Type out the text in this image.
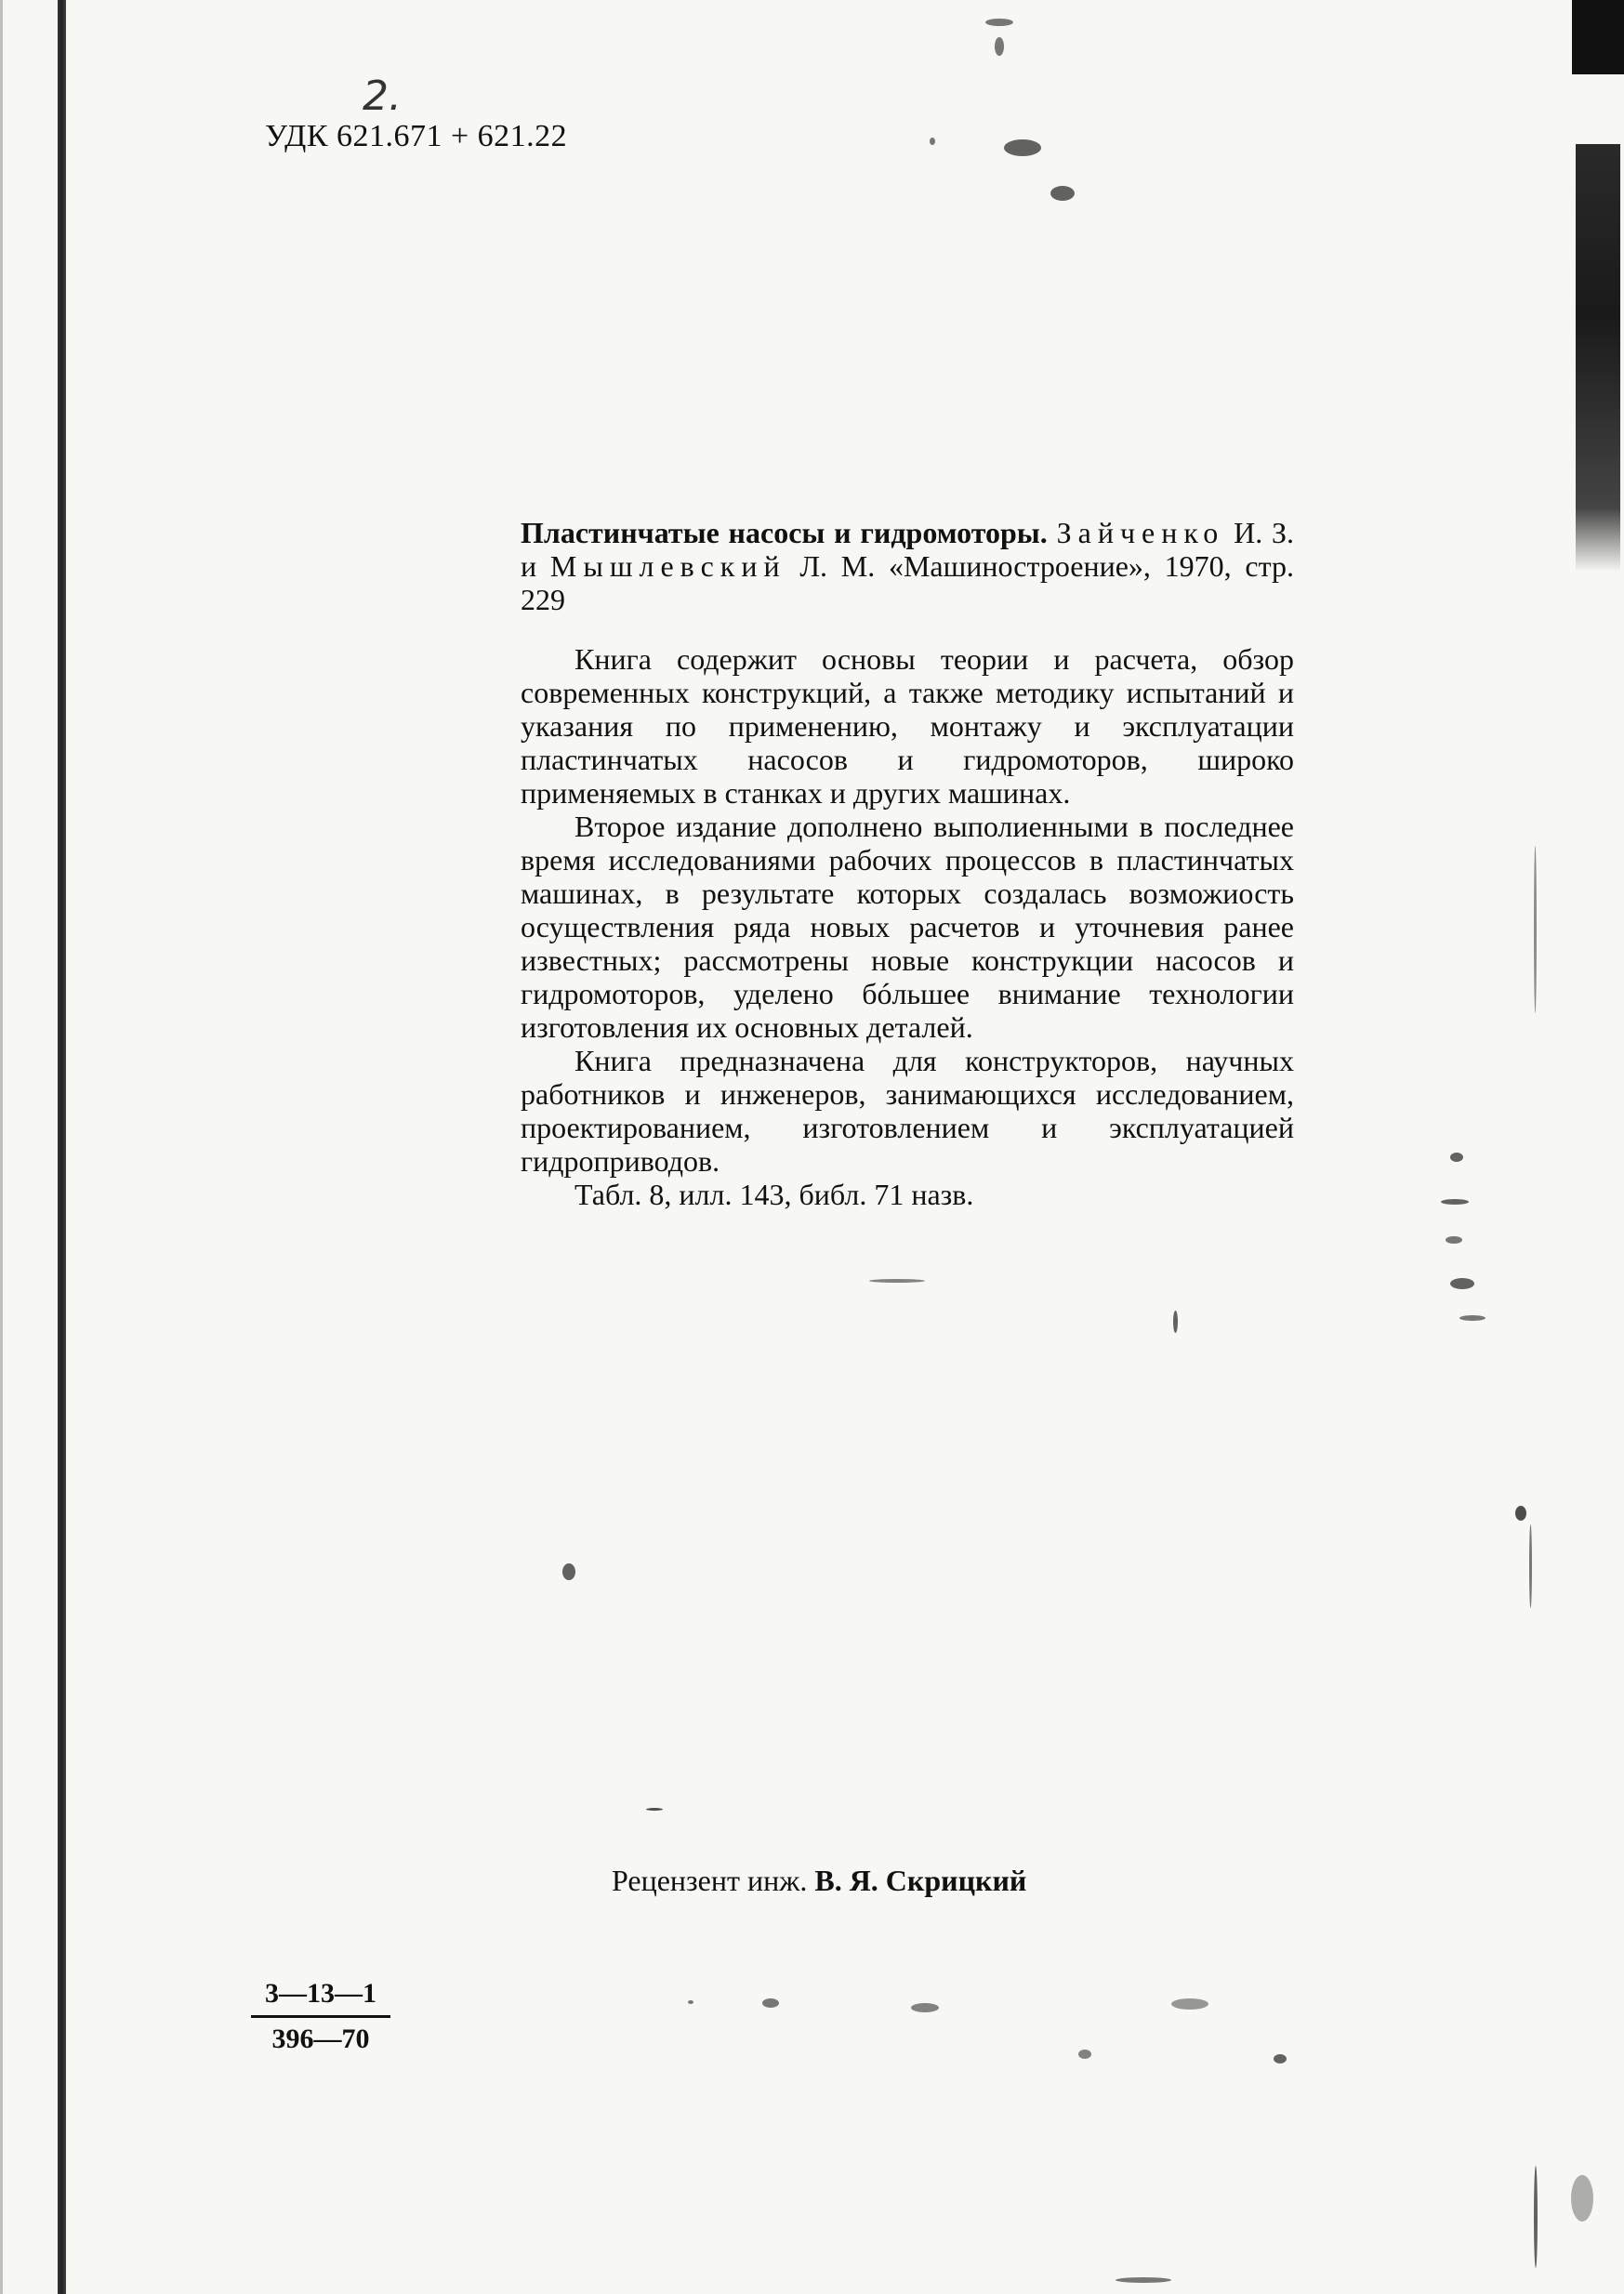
2.
УДК 621.671 + 621.22

Пластинчатые насосы и гидромоторы. Зайченко И. З. и Мышлевский Л. М. «Машиностроение», 1970, стр. 229

Книга содержит основы теории и расчета, обзор современных конструкций, а также методику испытаний и указания по применению, монтажу и эксплуатации пластинчатых насосов и гидромоторов, широко применяемых в станках и других машинах.

Второе издание дополнено выполиенными в последнее время исследованиями рабочих процессов в пластинчатых машинах, в результате которых создалась возможиость осуществления ряда новых расчетов и уточневия ранее известных; рассмотрены новые конструкции насосов и гидромоторов, уделено бóльшее внимание технологии изготовления их основных деталей.

Книга предназначена для конструкторов, научных работников и инженеров, занимающихся исследованием, проектированием, изготовлением и эксплуатацией гидроприводов.

Табл. 8, илл. 143, библ. 71 назв.

Рецензент инж. В. Я. Скрицкий
$\frac{3—13—1}{396—70}$
